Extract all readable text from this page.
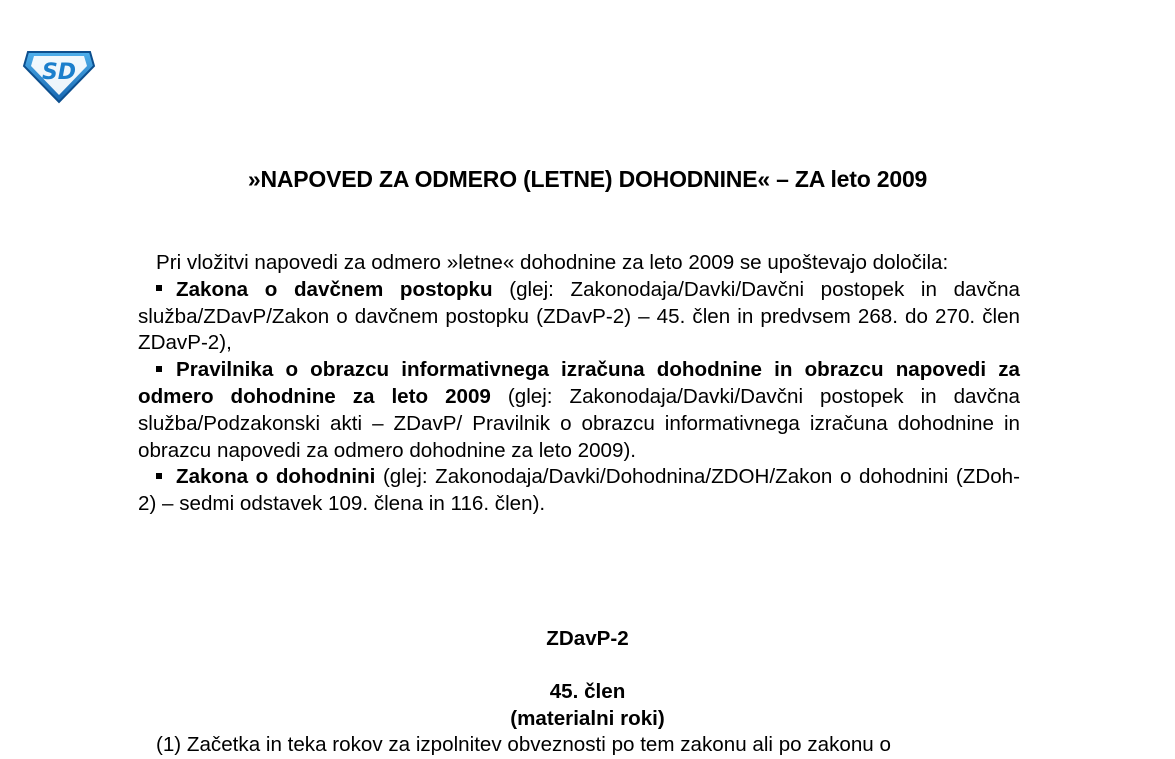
SD
»NAPOVED ZA ODMERO (LETNE) DOHODNINE« – ZA leto 2009

Pri vložitvi napovedi za odmero »letne« dohodnine za leto 2009 se upoštevajo določila:

Zakona o davčnem postopku (glej: Zakonodaja/Davki/Davčni postopek in davčna služba/ZDavP/Zakon o davčnem postopku (ZDavP-2) – 45. člen in predvsem 268. do 270. člen ZDavP-2),

Pravilnika o obrazcu informativnega izračuna dohodnine in obrazcu napovedi za odmero dohodnine za leto 2009 (glej: Zakonodaja/Davki/Davčni postopek in davčna služba/Podzakonski akti – ZDavP/ Pravilnik o obrazcu informativnega izračuna dohodnine in obrazcu napovedi za odmero dohodnine za leto 2009).

Zakona o dohodnini (glej: Zakonodaja/Davki/Dohodnina/ZDOH/Zakon o dohodnini (ZDoh-2) – sedmi odstavek 109. člena in 116. člen).

ZDavP-2
45. člen
(materialni roki)
(1) Začetka in teka rokov za izpolnitev obveznosti po tem zakonu ali po zakonu o
